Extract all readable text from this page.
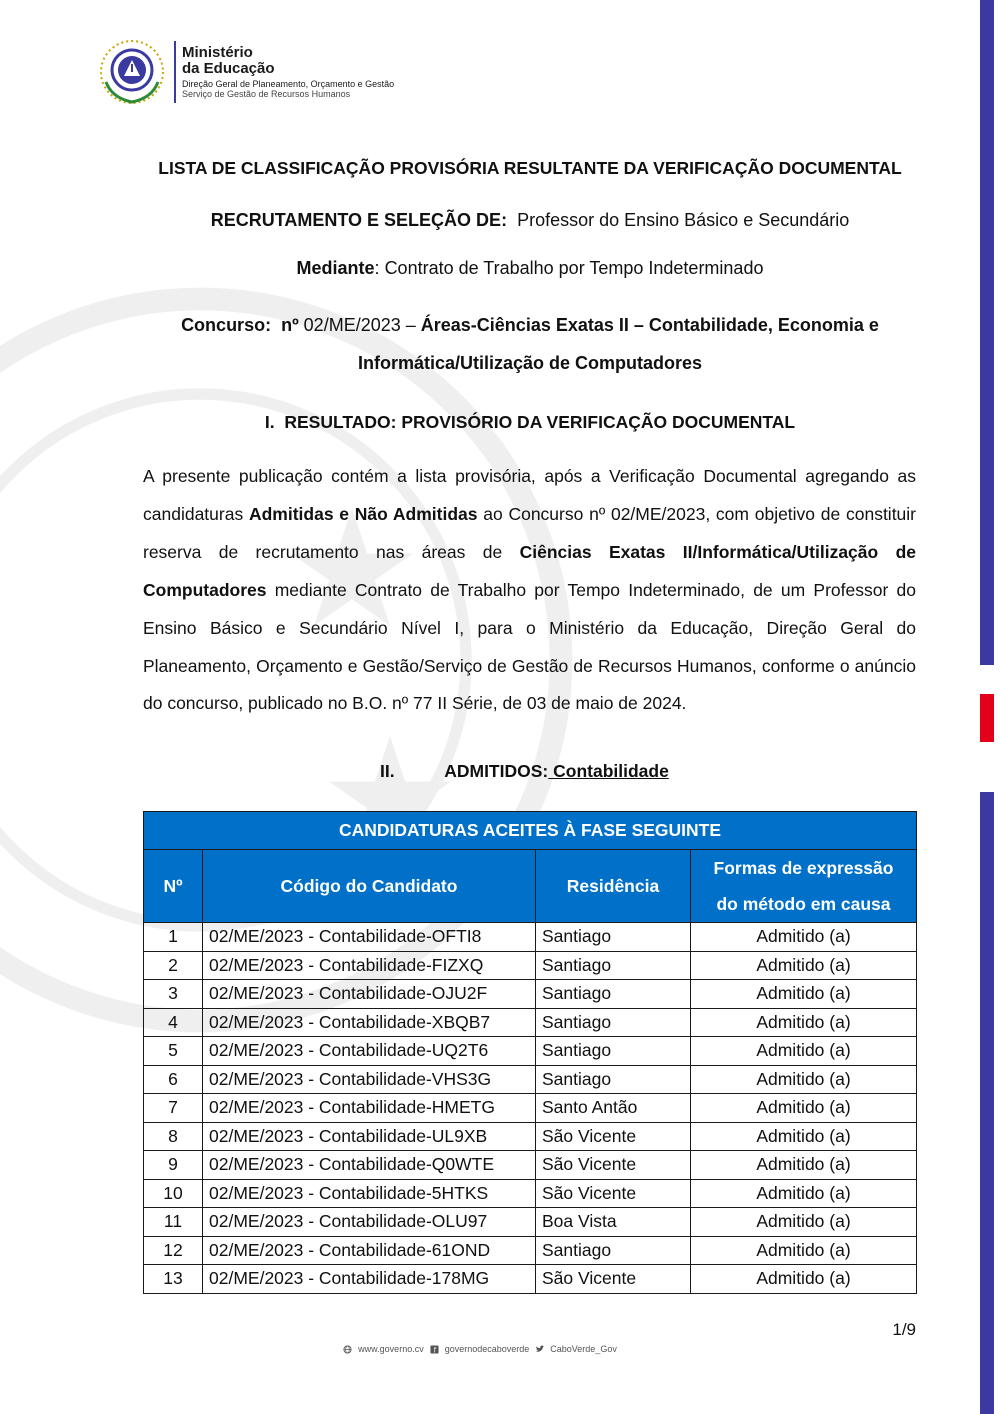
Ministério
da Educação
Direção Geral de Planeamento, Orçamento e Gestão
Serviço de Gestão de Recursos Humanos
LISTA DE CLASSIFICAÇÃO PROVISÓRIA RESULTANTE DA VERIFICAÇÃO DOCUMENTAL
RECRUTAMENTO E SELEÇÃO DE: Professor do Ensino Básico e Secundário
Mediante: Contrato de Trabalho por Tempo Indeterminado
Concurso: nº 02/ME/2023 – Áreas-Ciências Exatas II – Contabilidade, Economia e
Informática/Utilização de Computadores
I. RESULTADO: PROVISÓRIO DA VERIFICAÇÃO DOCUMENTAL
A presente publicação contém a lista provisória, após a Verificação Documental agregando as candidaturas Admitidas e Não Admitidas ao Concurso nº 02/ME/2023, com objetivo de constituir reserva de recrutamento nas áreas de Ciências Exatas II/Informática/Utilização de Computadores mediante Contrato de Trabalho por Tempo Indeterminado, de um Professor do Ensino Básico e Secundário Nível I, para o Ministério da Educação, Direção Geral do Planeamento, Orçamento e Gestão/Serviço de Gestão de Recursos Humanos, conforme o anúncio do concurso, publicado no B.O. nº 77 II Série, de 03 de maio de 2024.
II.	ADMITIDOS: Contabilidade
CANDIDATURAS ACEITES À FASE SEGUINTE			
Nº	Código do Candidato	Residência	Formas de expressão do método em causa
1	02/ME/2023 - Contabilidade-OFTI8	Santiago	Admitido (a)
2	02/ME/2023 - Contabilidade-FIZXQ	Santiago	Admitido (a)
3	02/ME/2023 - Contabilidade-OJU2F	Santiago	Admitido (a)
4	02/ME/2023 - Contabilidade-XBQB7	Santiago	Admitido (a)
5	02/ME/2023 - Contabilidade-UQ2T6	Santiago	Admitido (a)
6	02/ME/2023 - Contabilidade-VHS3G	Santiago	Admitido (a)
7	02/ME/2023 - Contabilidade-HMETG	Santo Antão	Admitido (a)
8	02/ME/2023 - Contabilidade-UL9XB	São Vicente	Admitido (a)
9	02/ME/2023 - Contabilidade-Q0WTE	São Vicente	Admitido (a)
10	02/ME/2023 - Contabilidade-5HTKS	São Vicente	Admitido (a)
11	02/ME/2023 - Contabilidade-OLU97	Boa Vista	Admitido (a)
12	02/ME/2023 - Contabilidade-61OND	Santiago	Admitido (a)
13	02/ME/2023 - Contabilidade-178MG	São Vicente	Admitido (a)
1/9
www.governo.cv f governodecaboverde CaboVerde_Gov
